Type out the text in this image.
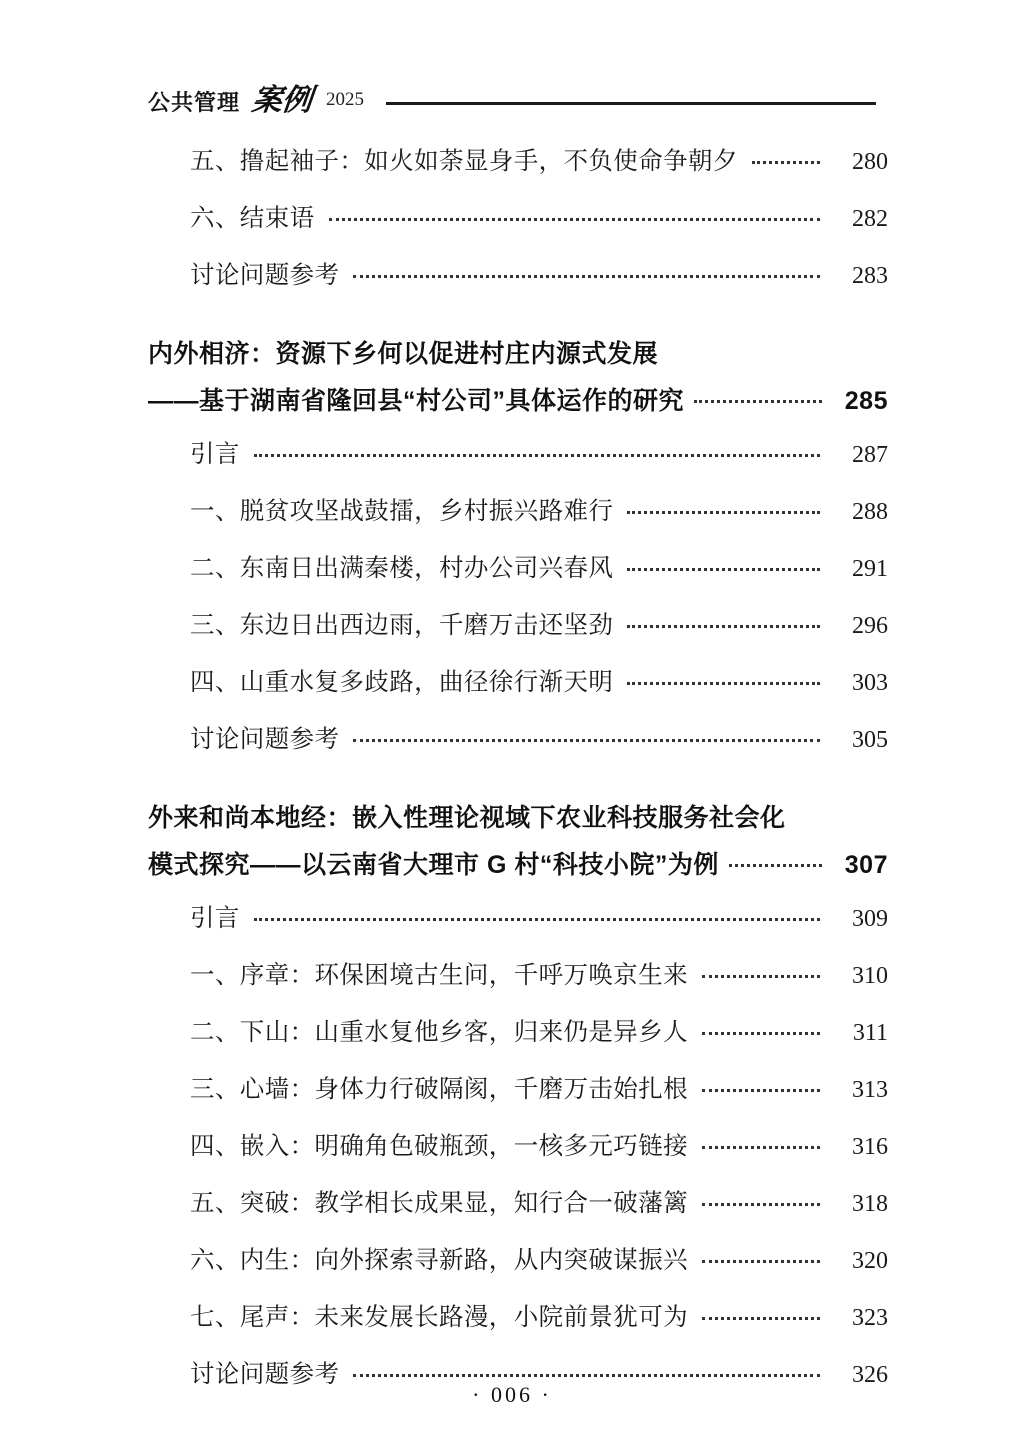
公共管理 案例 2025
五、撸起袖子：如火如荼显身手，不负使命争朝夕	280
六、结束语	282
讨论问题参考	283
内外相济：资源下乡何以促进村庄内源式发展
——基于湖南省隆回县“村公司”具体运作的研究	285
引言	287
一、脱贫攻坚战鼓擂，乡村振兴路难行	288
二、东南日出满秦楼，村办公司兴春风	291
三、东边日出西边雨，千磨万击还坚劲	296
四、山重水复多歧路，曲径徐行渐天明	303
讨论问题参考	305
外来和尚本地经：嵌入性理论视域下农业科技服务社会化
模式探究——以云南省大理市 G 村“科技小院”为例	307
引言	309
一、序章：环保困境古生问，千呼万唤京生来	310
二、下山：山重水复他乡客，归来仍是异乡人	311
三、心墙：身体力行破隔阂，千磨万击始扎根	313
四、嵌入：明确角色破瓶颈，一核多元巧链接	316
五、突破：教学相长成果显，知行合一破藩篱	318
六、内生：向外探索寻新路，从内突破谋振兴	320
七、尾声：未来发展长路漫，小院前景犹可为	323
讨论问题参考	326
· 006 ·
